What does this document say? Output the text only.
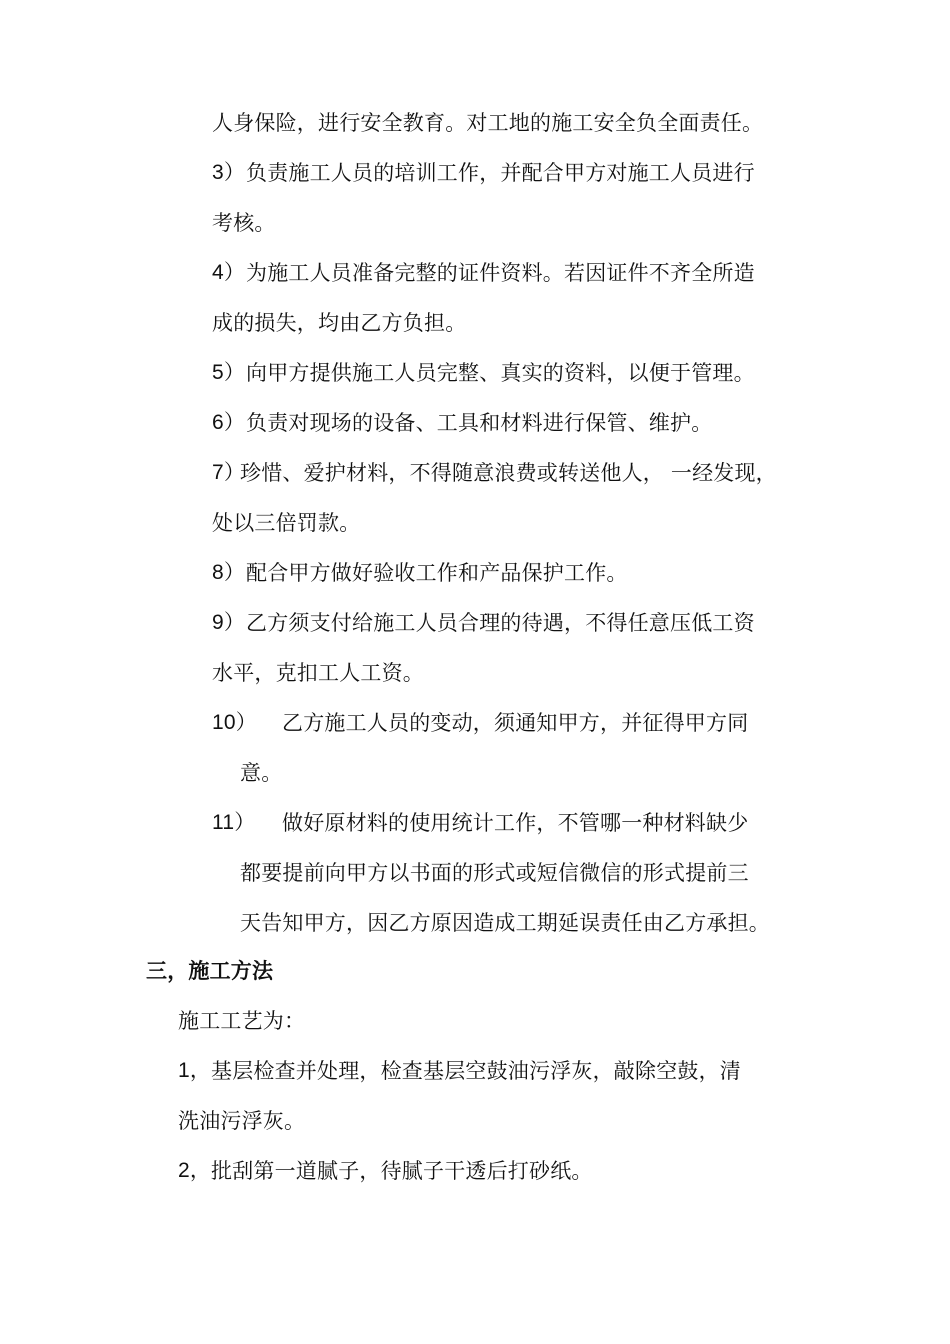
人身保险，进行安全教育。对工地的施工安全负全面责任。
3） 负责施工人员的培训工作，并配合甲方对施工人员进行
考核。
4） 为施工人员准备完整的证件资料。若因证件不齐全所造
成的损失，均由乙方负担。
5） 向甲方提供施工人员完整、真实的资料，以便于管理。
6） 负责对现场的设备、工具和材料进行保管、维护。
7）
珍惜、爱护材料，不得随意浪费或转送他人， 一经发现，
处以三倍罚款。
8） 配合甲方做好验收工作和产品保护工作。
9） 乙方须支付给施工人员合理的待遇，不得任意压低工资
水平，克扣工人工资。
10） 乙方施工人员的变动，须通知甲方，并征得甲方同
意。
11） 做好原材料的使用统计工作，不管哪一种材料缺少
都要提前向甲方以书面的形式或短信微信的形式提前三
天告知甲方，因乙方原因造成工期延误责任由乙方承担。
三，施工方法
施工工艺为：
1， 基层检查并处理，检查基层空鼓油污浮灰，敲除空鼓，清
洗油污浮灰。
2， 批刮第一道腻子，待腻子干透后打砂纸。
